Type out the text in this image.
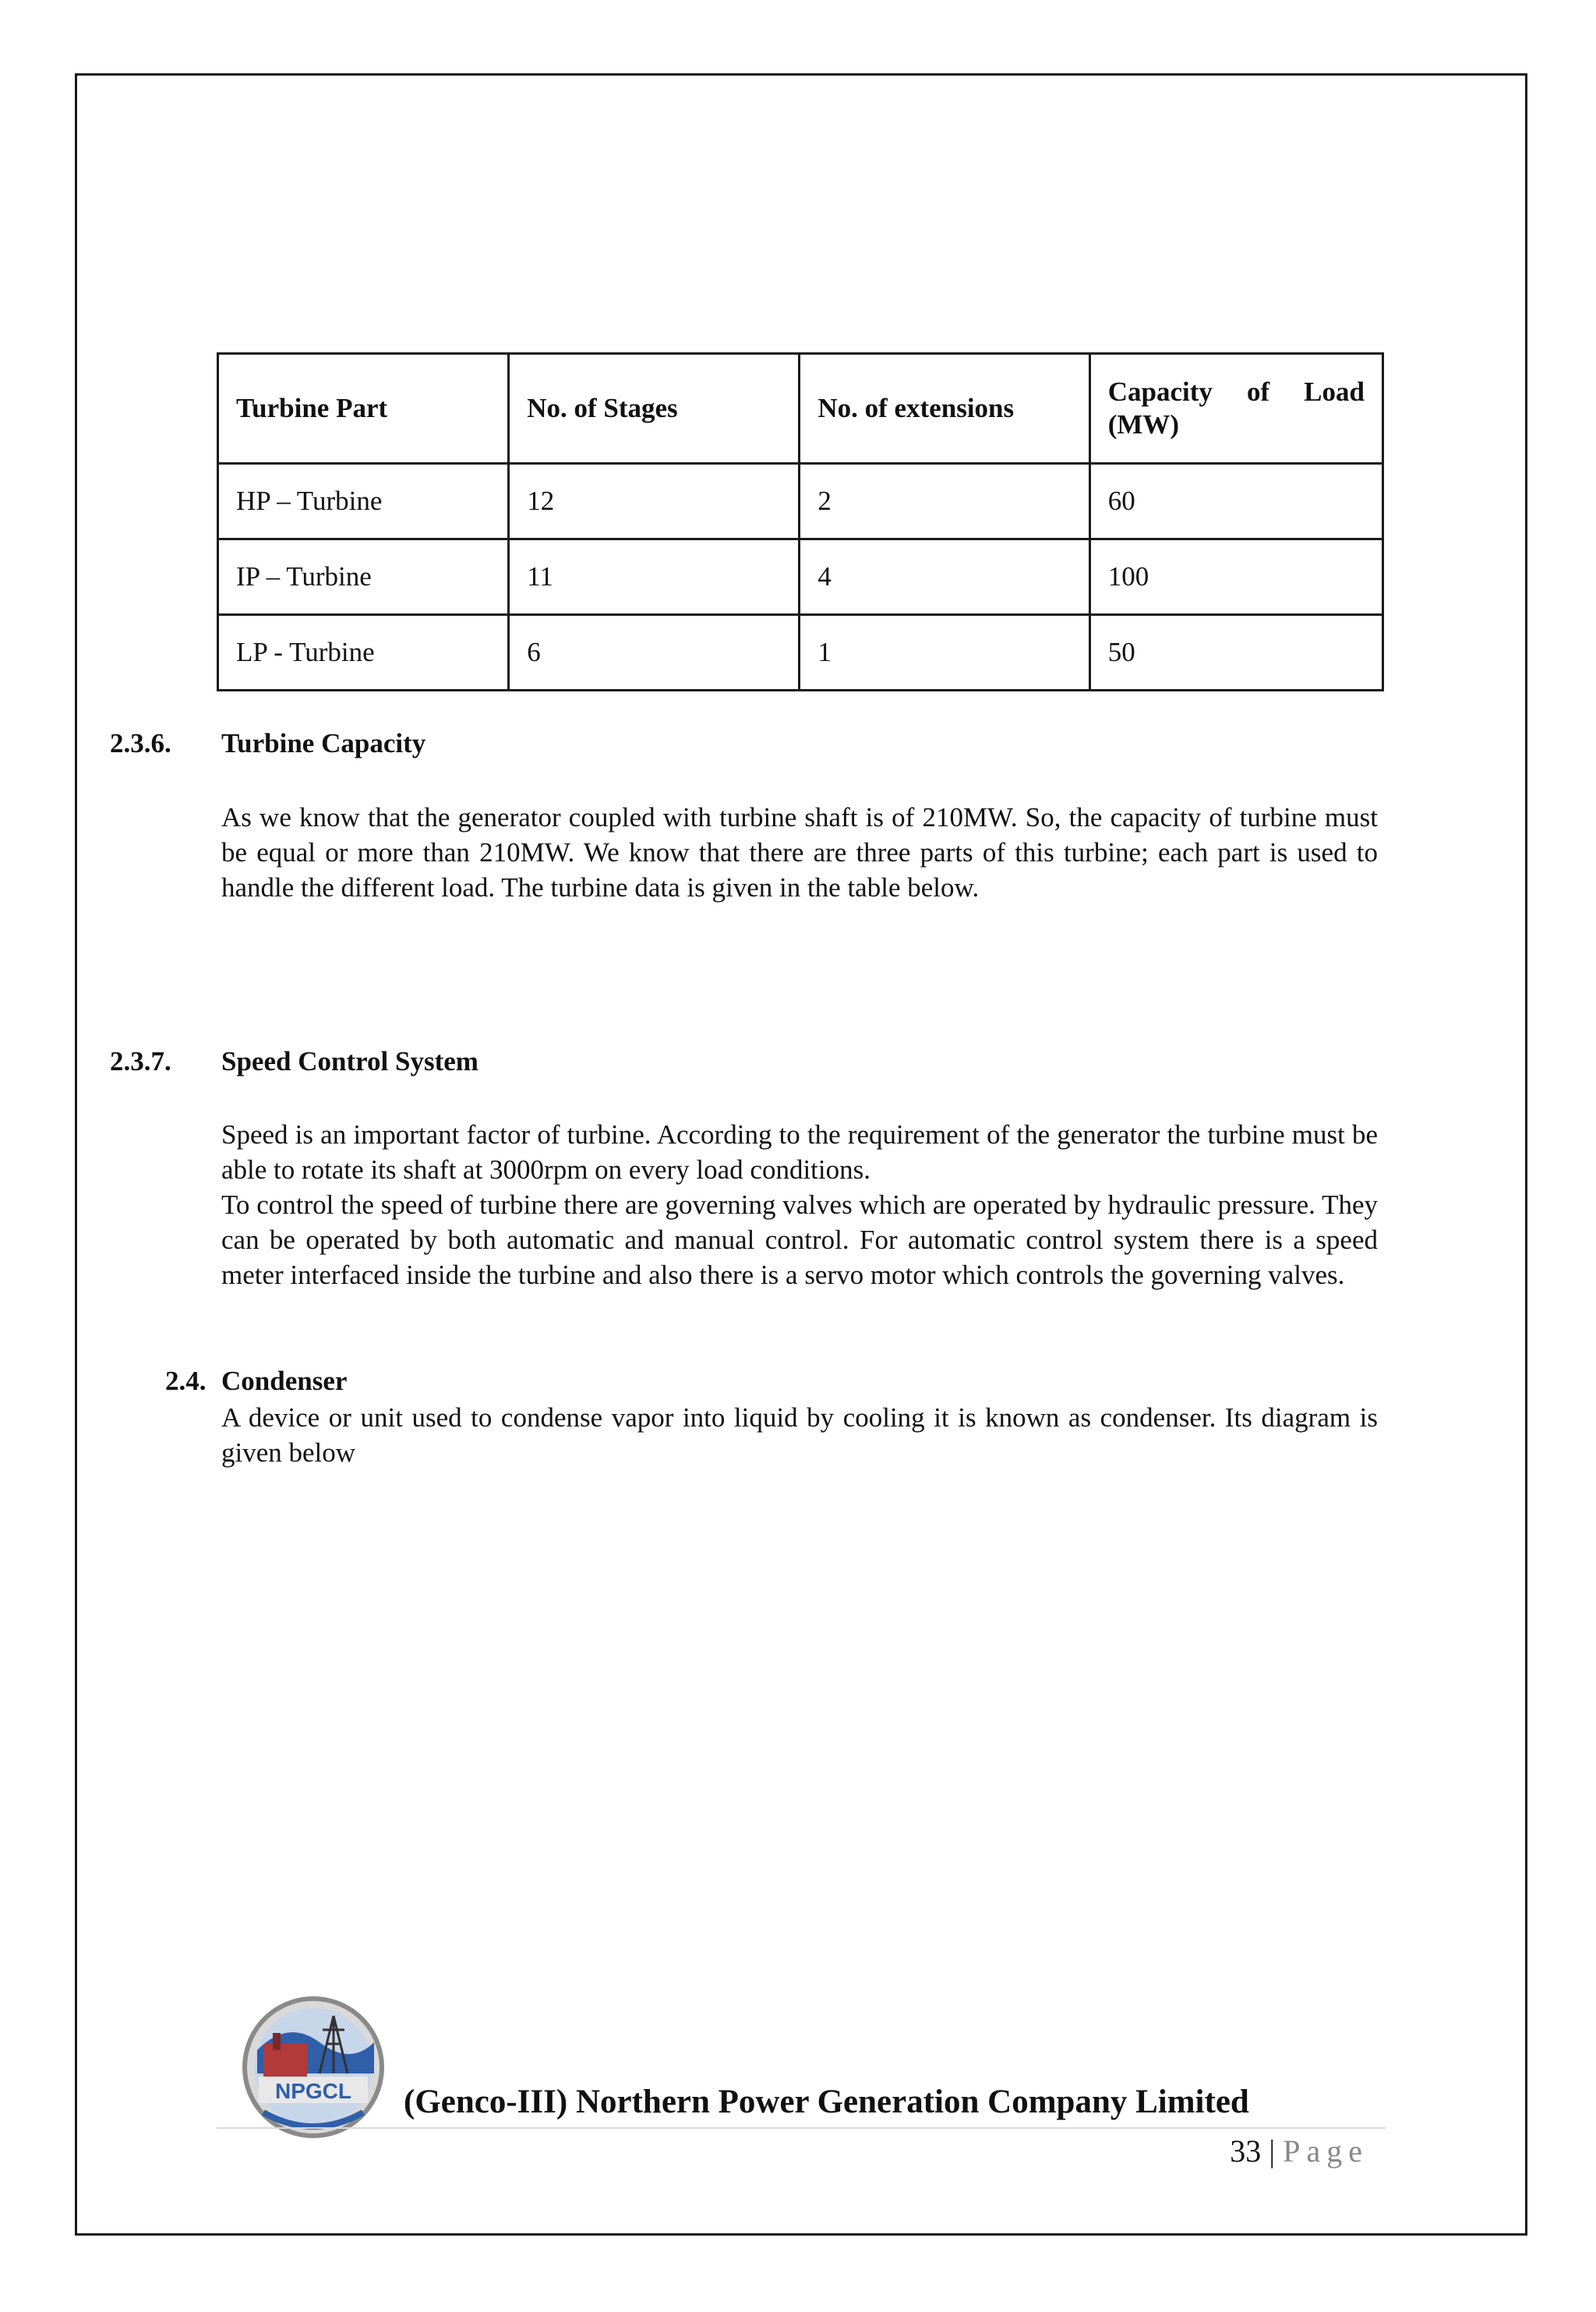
Turbine Part	No. of Stages	No. of extensions	Capacity of Load
(MW)

HP – Turbine	12	2	60
IP – Turbine	11	4	100
LP - Turbine	6	1	50
2.3.6. Turbine Capacity
As we know that the generator coupled with turbine shaft is of 210MW. So, the capacity of turbine must be equal or more than 210MW. We know that there are three parts of this turbine; each part is used to handle the different load. The turbine data is given in the table below.
2.3.7. Speed Control System
Speed is an important factor of turbine. According to the requirement of the generator the turbine must be able to rotate its shaft at 3000rpm on every load conditions.
To control the speed of turbine there are governing valves which are operated by hydraulic pressure. They can be operated by both automatic and manual control. For automatic control system there is a speed meter interfaced inside the turbine and also there is a servo motor which controls the governing valves.
2.4. Condenser
A device or unit used to condense vapor into liquid by cooling it is known as condenser. Its diagram is given below
NPGCL (Genco-III) Northern Power Generation Company Limited
33 | Page
